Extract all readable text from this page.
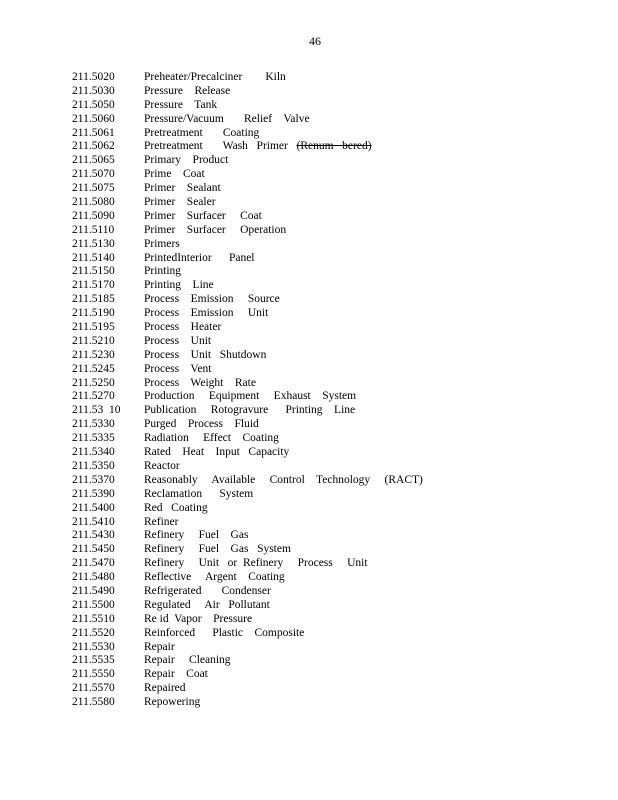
46
211.5020	Preheater/Precalciner        Kiln
211.5030	Pressure    Release
211.5050	Pressure    Tank
211.5060	Pressure/Vacuum       Relief    Valve
211.5061	Pretreatment       Coating
211.5062	Pretreatment       Wash   Primer   (Renum   bered)
211.5065	Primary    Product
211.5070	Prime    Coat
211.5075	Primer    Sealant
211.5080	Primer    Sealer
211.5090	Primer    Surfacer     Coat
211.5110	Primer    Surfacer     Operation
211.5130	Primers
211.5140	PrintedInterior      Panel
211.5150	Printing
211.5170	Printing    Line
211.5185	Process    Emission     Source
211.5190	Process    Emission     Unit
211.5195	Process    Heater
211.5210	Process    Unit
211.5230	Process    Unit   Shutdown
211.5245	Process    Vent
211.5250	Process    Weight    Rate
211.5270	Production     Equipment     Exhaust    System
211.53  10	Publication     Rotogravure      Printing    Line
211.5330	Purged    Process    Fluid
211.5335	Radiation     Effect    Coating
211.5340	Rated    Heat    Input   Capacity
211.5350	Reactor
211.5370	Reasonably     Available     Control    Technology     (RACT)
211.5390	Reclamation      System
211.5400	Red   Coating
211.5410	Refiner
211.5430	Refinery     Fuel    Gas
211.5450	Refinery     Fuel    Gas   System
211.5470	Refinery     Unit   or  Refinery     Process     Unit
211.5480	Reflective     Argent    Coating
211.5490	Refrigerated       Condenser
211.5500	Regulated     Air   Pollutant
211.5510	Re id  Vapor    Pressure
211.5520	Reinforced      Plastic    Composite
211.5530	Repair
211.5535	Repair     Cleaning
211.5550	Repair    Coat
211.5570	Repaired
211.5580	Repowering
